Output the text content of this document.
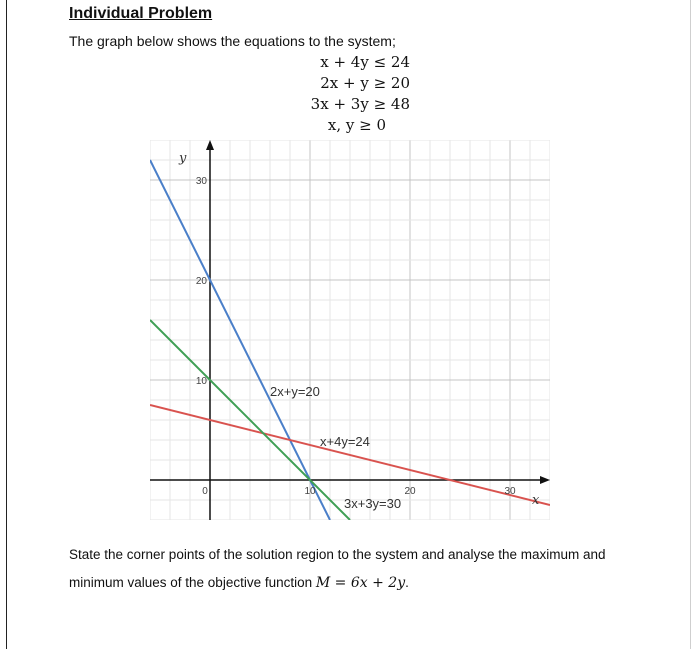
Individual Problem

The graph below shows the equations to the system;

x + 4y ≤ 24
2x + y ≥ 20
3x + 3y ≥ 48
x, y ≥ 0
10
20
30
0	10	20	30
x
y
2x+y=20
x+4y=24
3x+3y=30

State the corner points of the solution region to the system and analyse the maximum and minimum values of the objective function M = 6x + 2y.
